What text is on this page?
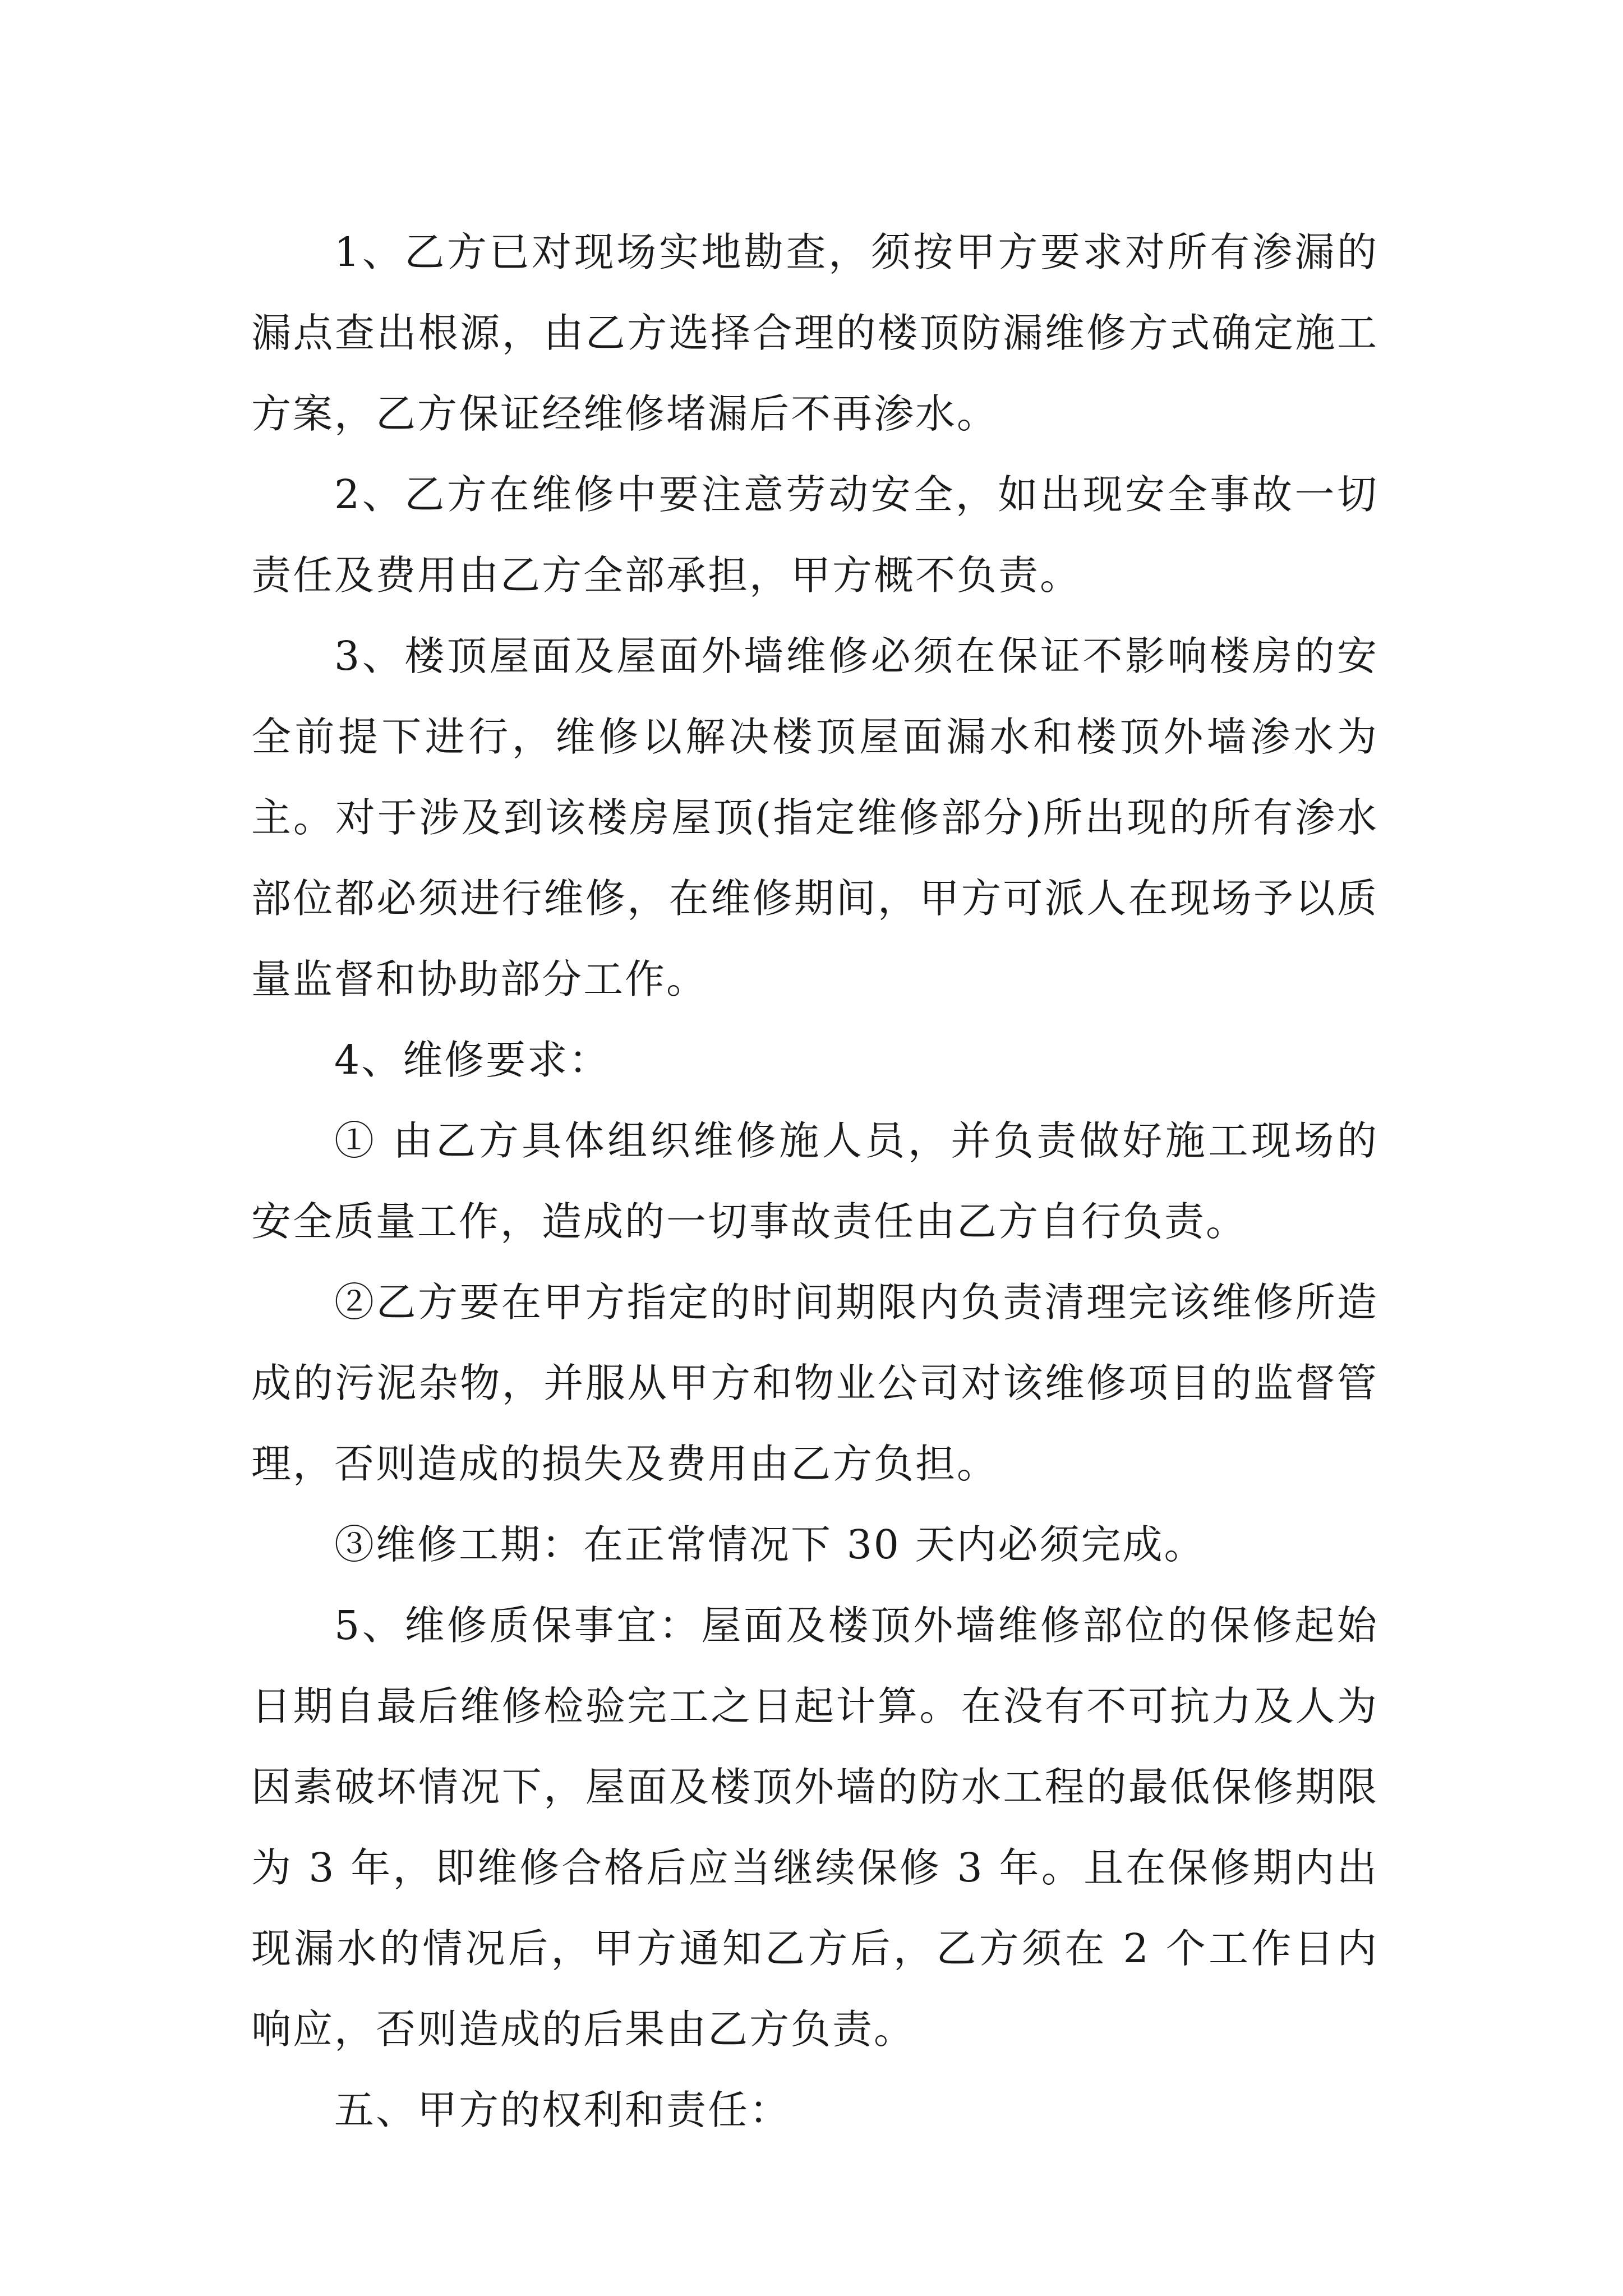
1、乙方已对现场实地勘查，须按甲方要求对所有渗漏的漏点查出根源，由乙方选择合理的楼顶防漏维修方式确定施工方案，乙方保证经维修堵漏后不再渗水。

2、乙方在维修中要注意劳动安全，如出现安全事故一切责任及费用由乙方全部承担，甲方概不负责。

3、楼顶屋面及屋面外墙维修必须在保证不影响楼房的安全前提下进行，维修以解决楼顶屋面漏水和楼顶外墙渗水为主。对于涉及到该楼房屋顶(指定维修部分)所出现的所有渗水部位都必须进行维修，在维修期间，甲方可派人在现场予以质量监督和协助部分工作。

4、维修要求：

① 由乙方具体组织维修施人员，并负责做好施工现场的安全质量工作，造成的一切事故责任由乙方自行负责。

②乙方要在甲方指定的时间期限内负责清理完该维修所造成的污泥杂物，并服从甲方和物业公司对该维修项目的监督管理，否则造成的损失及费用由乙方负担。

③维修工期：在正常情况下 30 天内必须完成。

5、维修质保事宜：屋面及楼顶外墙维修部位的保修起始日期自最后维修检验完工之日起计算。在没有不可抗力及人为因素破坏情况下，屋面及楼顶外墙的防水工程的最低保修期限为 3 年，即维修合格后应当继续保修 3 年。且在保修期内出现漏水的情况后，甲方通知乙方后，乙方须在 2 个工作日内响应，否则造成的后果由乙方负责。

五、甲方的权利和责任：
